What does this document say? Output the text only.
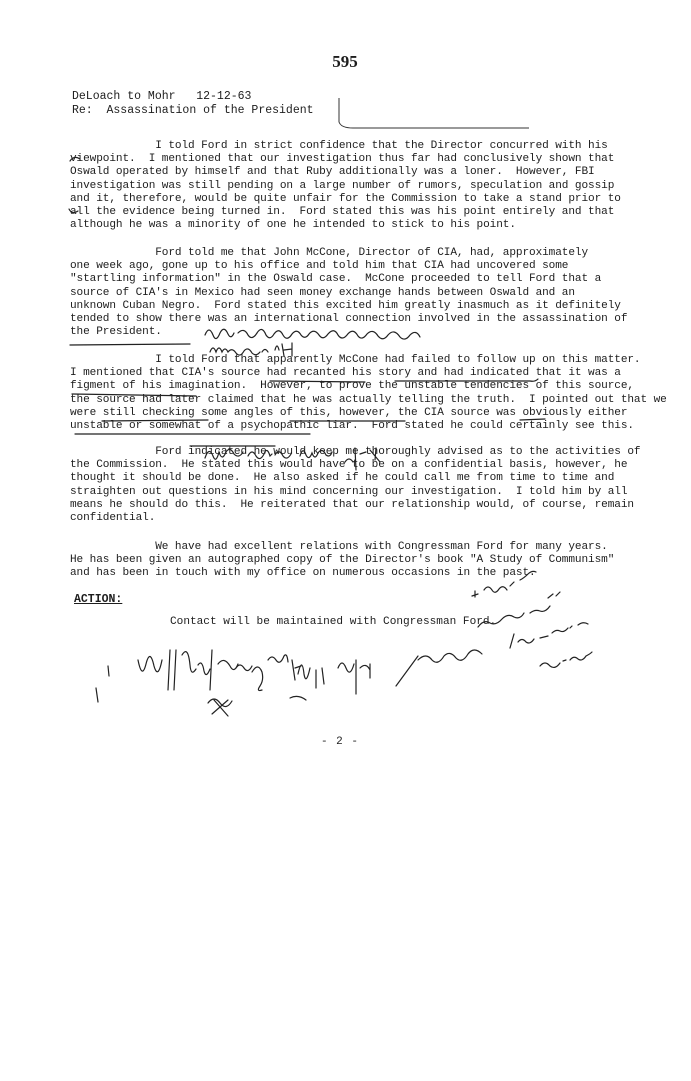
595
DeLoach to Mohr   12-12-63
Re:  Assassination of the President
I told Ford in strict confidence that the Director concurred with his
viewpoint.  I mentioned that our investigation thus far had conclusively shown that
Oswald operated by himself and that Ruby additionally was a loner.  However, FBI
investigation was still pending on a large number of rumors, speculation and gossip
and it, therefore, would be quite unfair for the Commission to take a stand prior to
all the evidence being turned in.  Ford stated this was his point entirely and that
although he was a minority of one he intended to stick to his point.
Ford told me that John McCone, Director of CIA, had, approximately
one week ago, gone up to his office and told him that CIA had uncovered some
"startling information" in the Oswald case.  McCone proceeded to tell Ford that a
source of CIA's in Mexico had seen money exchange hands between Oswald and an
unknown Cuban Negro.  Ford stated this excited him greatly inasmuch as it definitely
tended to show there was an international connection involved in the assassination of
the President.
I told Ford that apparently McCone had failed to follow up on this matter.
I mentioned that CIA's source had recanted his story and had indicated that it was a
figment of his imagination.  However, to prove the unstable tendencies of this source,
the source had later claimed that he was actually telling the truth.  I pointed out that we
were still checking some angles of this, however, the CIA source was obviously either
unstable or somewhat of a psychopathic liar.  Ford stated he could certainly see this.
Ford indicated he would keep me thoroughly advised as to the activities of
the Commission.  He stated this would have to be on a confidential basis, however, he
thought it should be done.  He also asked if he could call me from time to time and
straighten out questions in his mind concerning our investigation.  I told him by all
means he should do this.  He reiterated that our relationship would, of course, remain
confidential.
We have had excellent relations with Congressman Ford for many years.
He has been given an autographed copy of the Director's book "A Study of Communism"
and has been in touch with my office on numerous occasions in the past.
ACTION:
Contact will be maintained with Congressman Ford.
- 2 -
